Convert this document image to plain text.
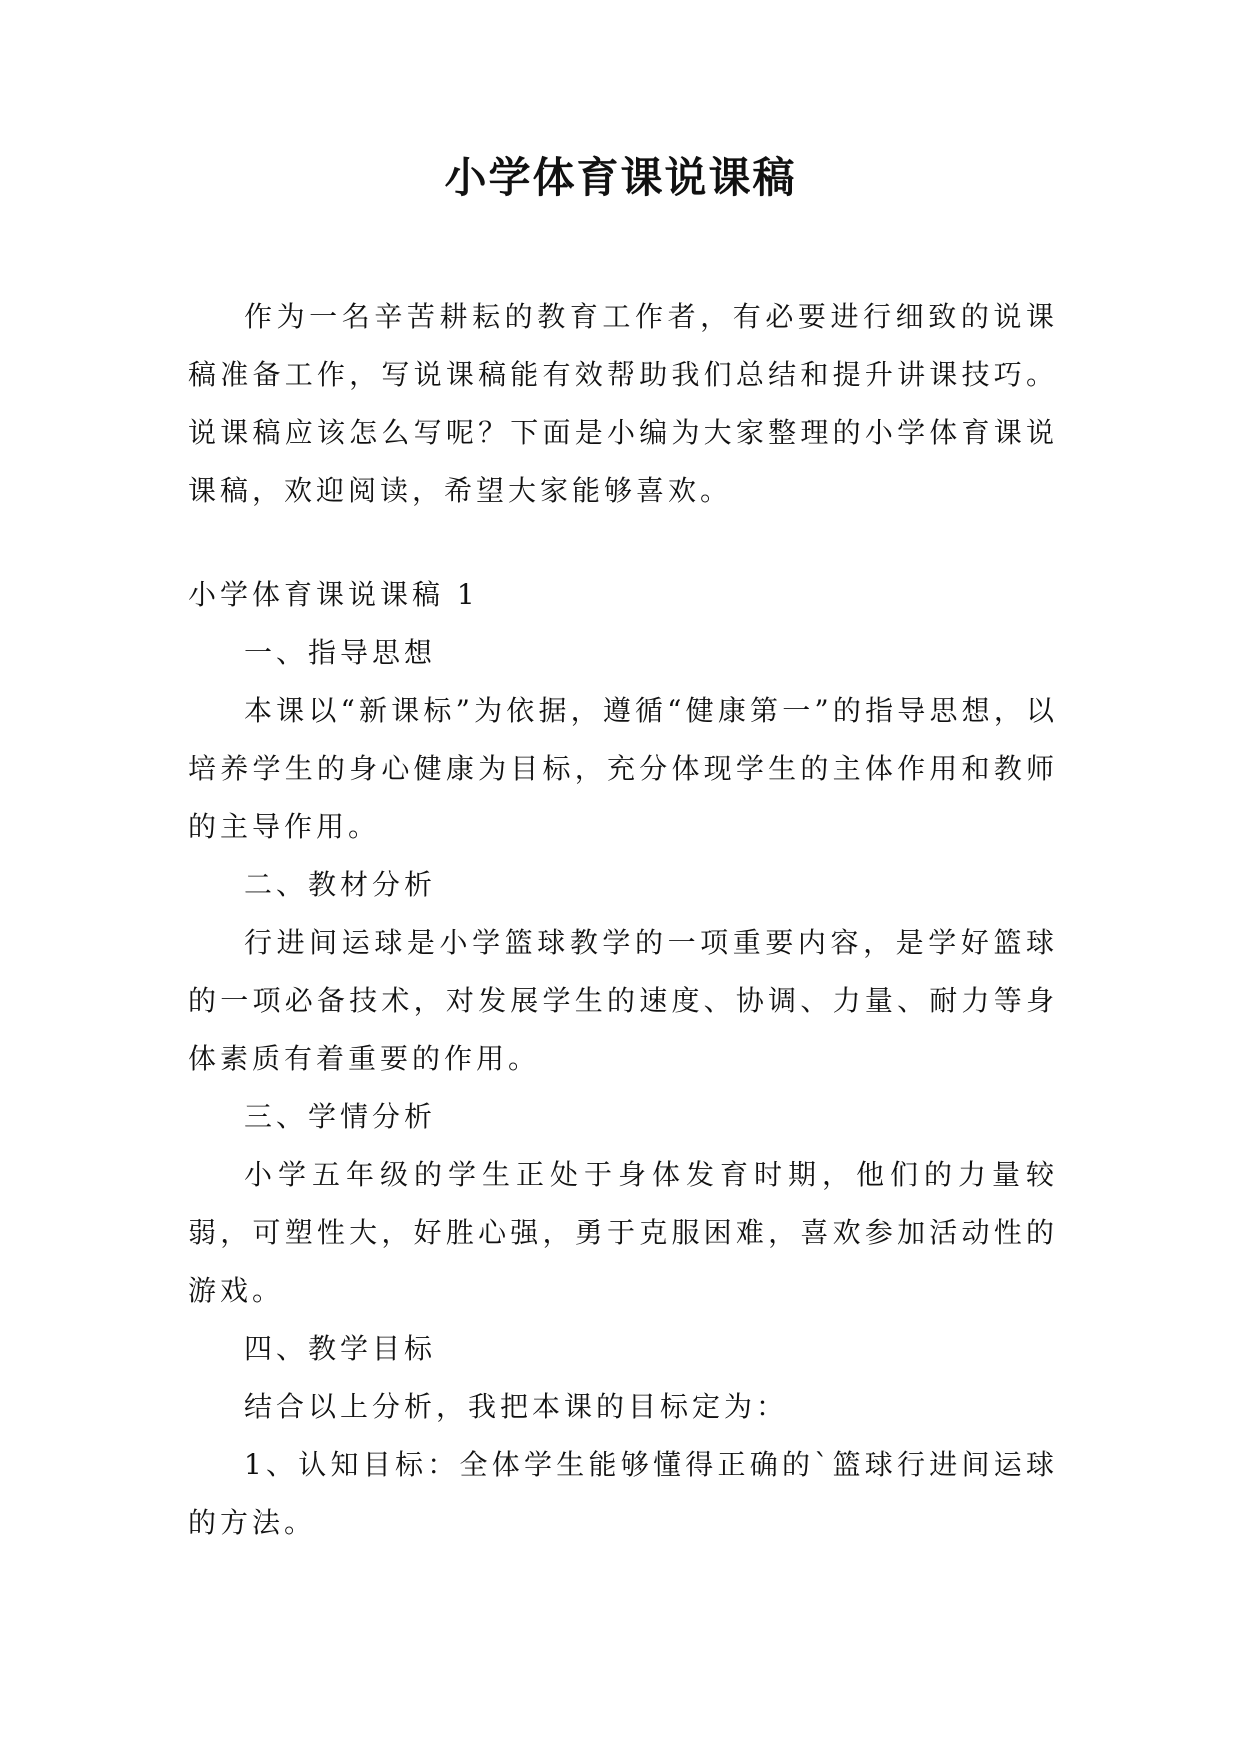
小学体育课说课稿

作为一名辛苦耕耘的教育工作者，有必要进行细致的说课稿准备工作，写说课稿能有效帮助我们总结和提升讲课技巧。说课稿应该怎么写呢？下面是小编为大家整理的小学体育课说课稿，欢迎阅读，希望大家能够喜欢。

小学体育课说课稿 1

一、指导思想

本课以“新课标”为依据，遵循“健康第一”的指导思想，以培养学生的身心健康为目标，充分体现学生的主体作用和教师的主导作用。

二、教材分析

行进间运球是小学篮球教学的一项重要内容，是学好篮球的一项必备技术，对发展学生的速度、协调、力量、耐力等身体素质有着重要的作用。

三、学情分析

小学五年级的学生正处于身体发育时期，他们的力量较弱，可塑性大，好胜心强，勇于克服困难，喜欢参加活动性的游戏。

四、教学目标

结合以上分析，我把本课的目标定为：

1、认知目标：全体学生能够懂得正确的`篮球行进间运球的方法。
